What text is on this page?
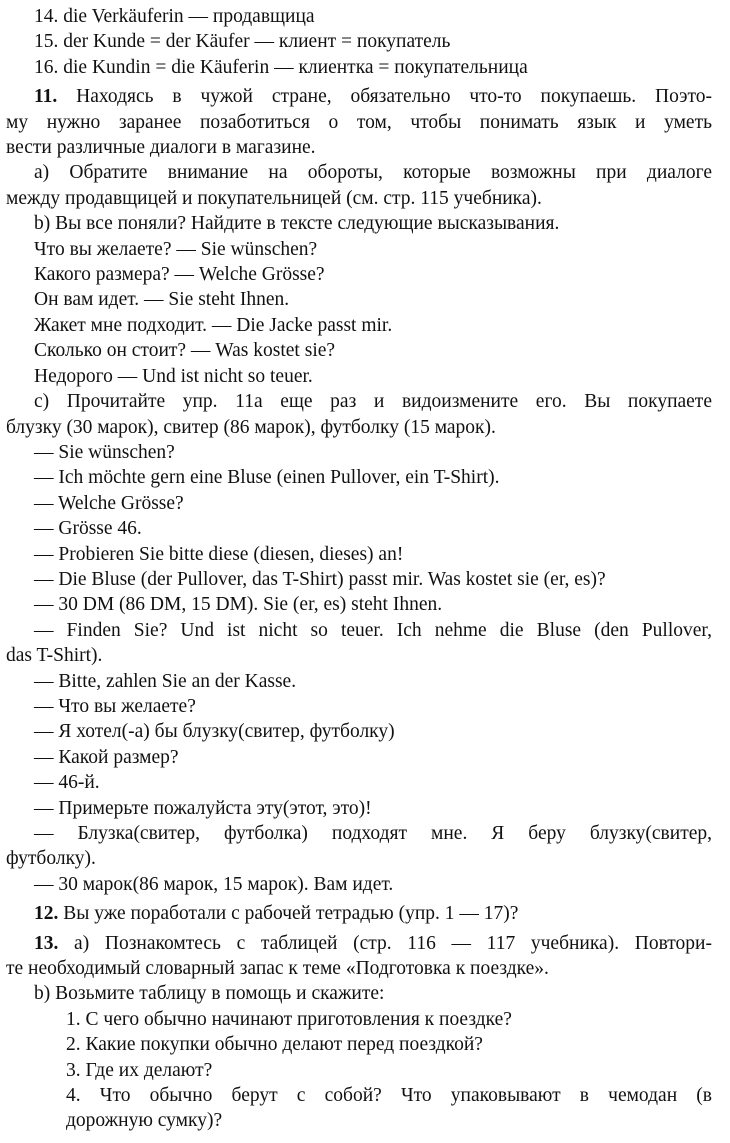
14. die Verkäuferin — продавщица
15. der Kunde = der Käufer — клиент = покупатель
16. die Kundin = die Käuferin — клиентка = покупательница
11. Находясь в чужой стране, обязательно что-то покупаешь. Поэто-
му нужно заранее позаботиться о том, чтобы понимать язык и уметь
вести различные диалоги в магазине.
а) Обратите внимание на обороты, которые возможны при диалоге
между продавщицей и покупательницей (см. стр. 115 учебника).
b) Вы все поняли? Найдите в тексте следующие высказывания.
Что вы желаете? — Sie wünschen?
Какого размера? — Welche Grösse?
Он вам идет. — Sie steht Ihnen.
Жакет мне подходит. — Die Jacke passt mir.
Сколько он стоит? — Was kostet sie?
Недорого — Und ist nicht so teuer.
с) Прочитайте упр. 11а еще раз и видоизмените его. Вы покупаете
блузку (30 марок), свитер (86 марок), футболку (15 марок).
— Sie wünschen?
— Ich möchte gern eine Bluse (einen Pullover, ein T-Shirt).
— Welche Grösse?
— Grösse 46.
— Probieren Sie bitte diese (diesen, dieses) an!
— Die Bluse (der Pullover, das T-Shirt) passt mir. Was kostet sie (er, es)?
— 30 DM (86 DM, 15 DM). Sie (er, es) steht Ihnen.
— Finden Sie? Und ist nicht so teuer. Ich nehme die Bluse (den Pullover,
das T-Shirt).
— Bitte, zahlen Sie an der Kasse.
— Что вы желаете?
— Я хотел(-а) бы блузку(свитер, футболку)
— Какой размер?
— 46-й.
— Примерьте пожалуйста эту(этот, это)!
— Блузка(свитер, футболка) подходят мне. Я беру блузку(свитер,
футболку).
— 30 марок(86 марок, 15 марок). Вам идет.
12. Вы уже поработали с рабочей тетрадью (упр. 1 — 17)?
13. а) Познакомтесь с таблицей (стр. 116 — 117 учебника). Повтори-
те необходимый словарный запас к теме «Подготовка к поездке».
b) Возьмите таблицу в помощь и скажите:
1. С чего обычно начинают приготовления к поездке?
2. Какие покупки обычно делают перед поездкой?
3. Где их делают?
4. Что обычно берут с собой? Что упаковывают в чемодан (в
дорожную сумку)?
